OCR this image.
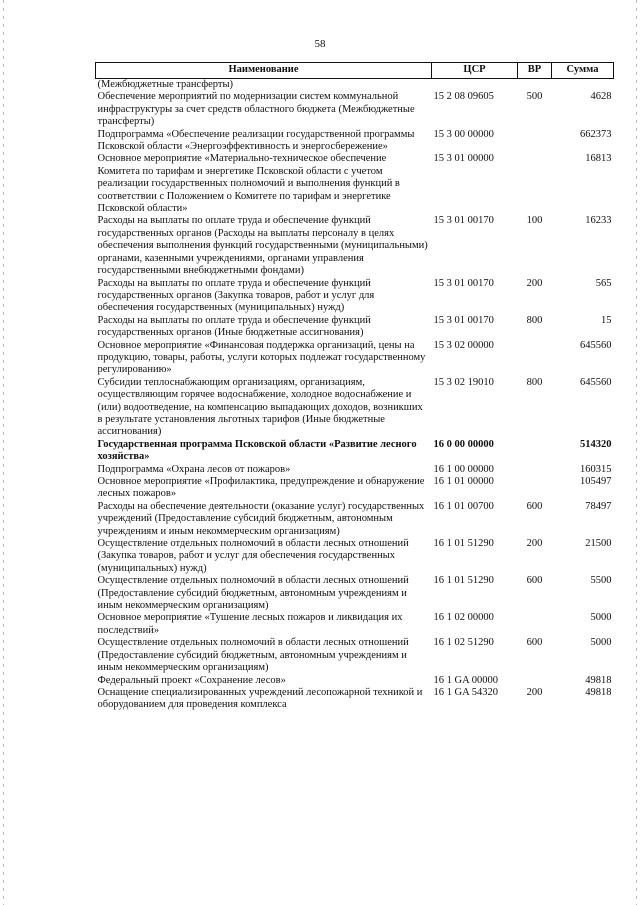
58
Наименование	ЦСР	ВР	Сумма
(Межбюджетные трансферты)			
Обеспечение мероприятий по модернизации систем коммунальной инфраструктуры за счет средств областного бюджета (Межбюджетные трансферты)	15 2 08 09605	500	4628
Подпрограмма «Обеспечение реализации государственной программы Псковской области «Энергоэффективность и энергосбережение»	15 3 00 00000		662373
Основное мероприятие «Материально-техническое обеспечение Комитета по тарифам и энергетике Псковской области с учетом реализации государственных полномочий и выполнения функций в соответствии с Положением о Комитете по тарифам и энергетике Псковской области»	15 3 01 00000		16813
Расходы на выплаты по оплате труда и обеспечение функций государственных органов (Расходы на выплаты персоналу в целях обеспечения выполнения функций государственными (муниципальными) органами, казенными учреждениями, органами управления государственными внебюджетными фондами)	15 3 01 00170	100	16233
Расходы на выплаты по оплате труда и обеспечение функций государственных органов (Закупка товаров, работ и услуг для обеспечения государственных (муниципальных) нужд)	15 3 01 00170	200	565
Расходы на выплаты по оплате труда и обеспечение функций государственных органов (Иные бюджетные ассигнования)	15 3 01 00170	800	15
Основное мероприятие «Финансовая поддержка организаций, цены на продукцию, товары, работы, услуги которых подлежат государственному регулированию»	15 3 02 00000		645560
Субсидии теплоснабжающим организациям, организациям, осуществляющим горячее водоснабжение, холодное водоснабжение и (или) водоотведение, на компенсацию выпадающих доходов, возникших в результате установления льготных тарифов (Иные бюджетные ассигнования)	15 3 02 19010	800	645560
Государственная программа Псковской области «Развитие лесного хозяйства»	16 0 00 00000		514320
Подпрограмма «Охрана лесов от пожаров»	16 1 00 00000		160315
Основное мероприятие «Профилактика, предупреждение и обнаружение лесных пожаров»	16 1 01 00000		105497
Расходы на обеспечение деятельности (оказание услуг) государственных учреждений (Предоставление субсидий бюджетным, автономным учреждениям и иным некоммерческим организациям)	16 1 01 00700	600	78497
Осуществление отдельных полномочий в области лесных отношений (Закупка товаров, работ и услуг для обеспечения государственных (муниципальных) нужд)	16 1 01 51290	200	21500
Осуществление отдельных полномочий в области лесных отношений (Предоставление субсидий бюджетным, автономным учреждениям и иным некоммерческим организациям)	16 1 01 51290	600	5500
Основное мероприятие «Тушение лесных пожаров и ликвидация их последствий»	16 1 02 00000		5000
Осуществление отдельных полномочий в области лесных отношений (Предоставление субсидий бюджетным, автономным учреждениям и иным некоммерческим организациям)	16 1 02 51290	600	5000
Федеральный проект «Сохранение лесов»	16 1 GA 00000		49818
Оснащение специализированных учреждений лесопожарной техникой и оборудованием для проведения комплекса	16 1 GA 54320	200	49818
